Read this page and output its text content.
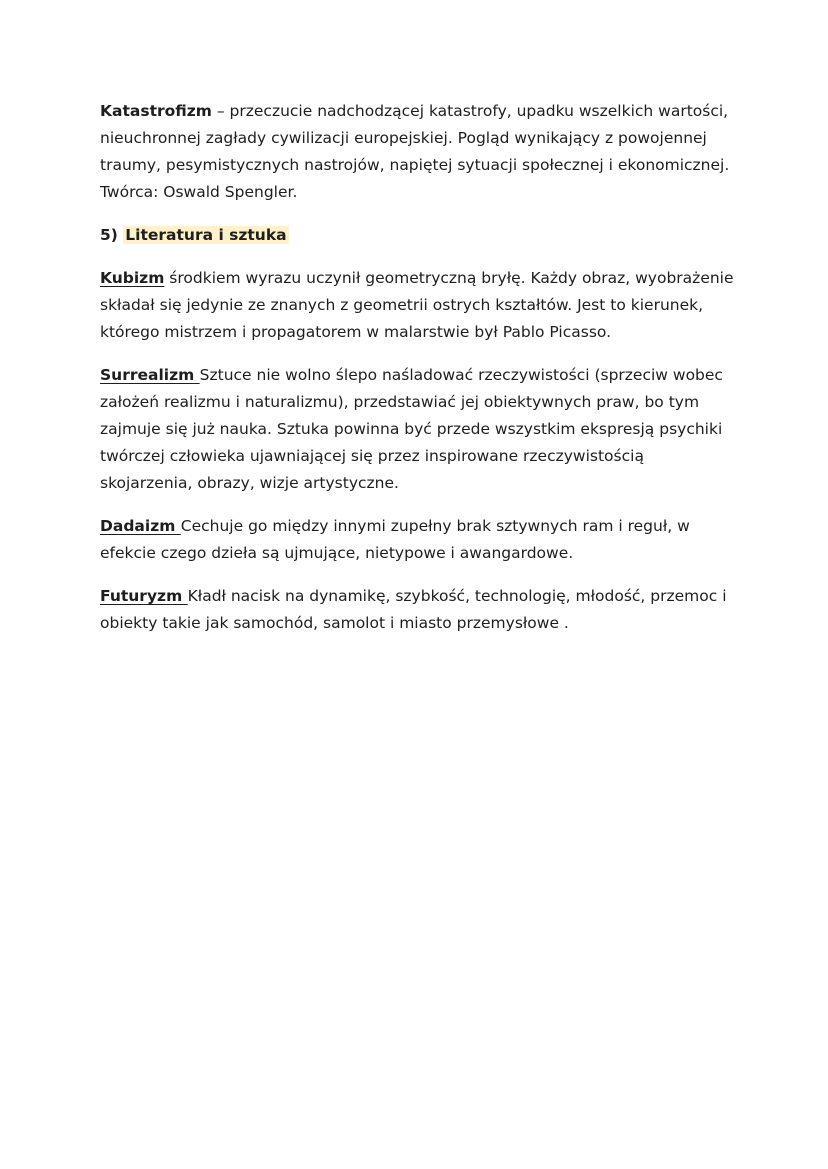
Katastrofizm – przeczucie nadchodzącej katastrofy, upadku wszelkich wartości, nieuchronnej zagłady cywilizacji europejskiej. Pogląd wynikający z powojennej traumy, pesymistycznych nastrojów, napiętej sytuacji społecznej i ekonomicznej. Twórca: Oswald Spengler.

5) Literatura i sztuka

Kubizm środkiem wyrazu uczynił geometryczną bryłę. Każdy obraz, wyobrażenie składał się jedynie ze znanych z geometrii ostrych kształtów. Jest to kierunek, którego mistrzem i propagatorem w malarstwie był Pablo Picasso.

Surrealizm Sztuce nie wolno ślepo naśladować rzeczywistości (sprzeciw wobec założeń realizmu i naturalizmu), przedstawiać jej obiektywnych praw, bo tym zajmuje się już nauka. Sztuka powinna być przede wszystkim ekspresją psychiki twórczej człowieka ujawniającej się przez inspirowane rzeczywistością skojarzenia, obrazy, wizje artystyczne.

Dadaizm Cechuje go między innymi zupełny brak sztywnych ram i reguł, w efekcie czego dzieła są ujmujące, nietypowe i awangardowe.

Futuryzm Kładł nacisk na dynamikę, szybkość, technologię, młodość, przemoc i obiekty takie jak samochód, samolot i miasto przemysłowe .
